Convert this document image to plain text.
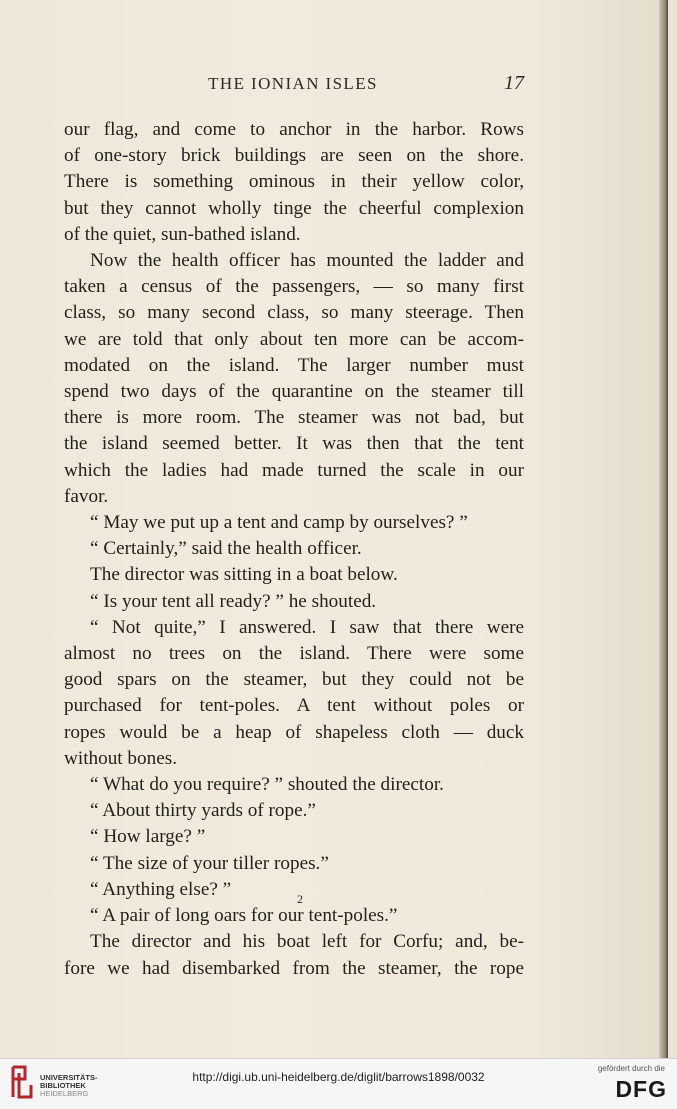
THE IONIAN ISLES	17
our flag, and come to anchor in the harbor. Rows
of one-story brick buildings are seen on the shore.
There is something ominous in their yellow color,
but they cannot wholly tinge the cheerful complexion
of the quiet, sun-bathed island.
Now the health officer has mounted the ladder and
taken a census of the passengers, — so many first
class, so many second class, so many steerage. Then
we are told that only about ten more can be accom-
modated on the island. The larger number must
spend two days of the quarantine on the steamer till
there is more room. The steamer was not bad, but
the island seemed better. It was then that the tent
which the ladies had made turned the scale in our
favor.
“ May we put up a tent and camp by ourselves? ”
“ Certainly,” said the health officer.
The director was sitting in a boat below.
“ Is your tent all ready? ” he shouted.
“ Not quite,” I answered. I saw that there were
almost no trees on the island. There were some
good spars on the steamer, but they could not be
purchased for tent-poles. A tent without poles or
ropes would be a heap of shapeless cloth — duck
without bones.
“ What do you require? ” shouted the director.
“ About thirty yards of rope.”
“ How large? ”
“ The size of your tiller ropes.”
“ Anything else? ”
“ A pair of long oars for our tent-poles.”
The director and his boat left for Corfu; and, be-
fore we had disembarked from the steamer, the rope
2
UNIVERSITÄTS-
BIBLIOTHEK
HEIDELBERG
http://digi.ub.uni-heidelberg.de/diglit/barrows1898/0032
gefördert durch die
DFG
